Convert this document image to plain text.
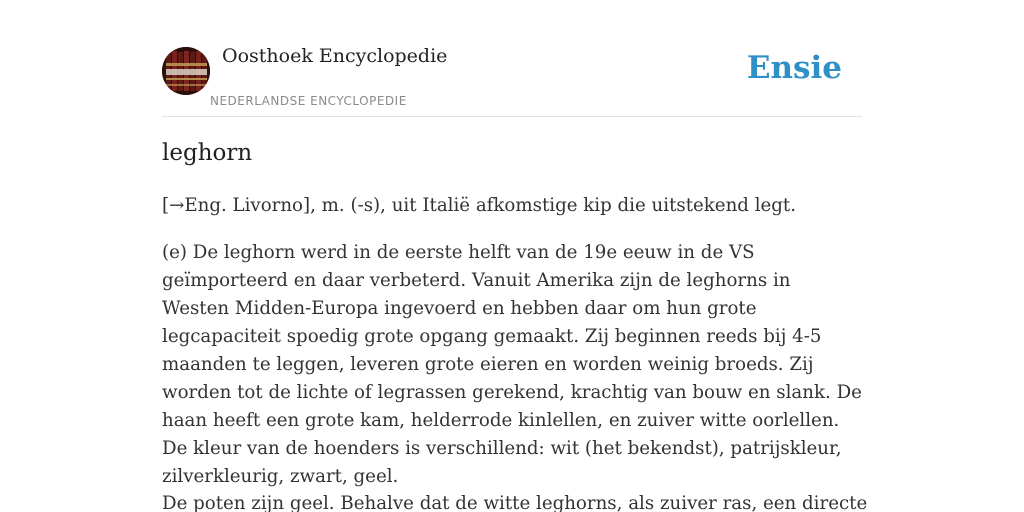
Oosthoek Encyclopedie
NEDERLANDSE ENCYCLOPEDIE
Ensie
leghorn

[→Eng. Livorno], m. (-s), uit Italië afkomstige kip die uitstekend legt.

(e) De leghorn werd in de eerste helft van de 19e eeuw in de VS geïmporteerd en daar verbeterd. Vanuit Amerika zijn de leghorns in Westen Midden-Europa ingevoerd en hebben daar om hun grote legcapaciteit spoedig grote opgang gemaakt. Zij beginnen reeds bij 4-5 maanden te leggen, leveren grote eieren en worden weinig broeds. Zij worden tot de lichte of legrassen gerekend, krachtig van bouw en slank. De haan heeft een grote kam, helderrode kinlellen, en zuiver witte oorlellen. De kleur van de hoenders is verschillend: wit (het bekendst), patrijskleur, zilverkleurig, zwart, geel.

De poten zijn geel. Behalve dat de witte leghorns, als zuiver ras, een directe
